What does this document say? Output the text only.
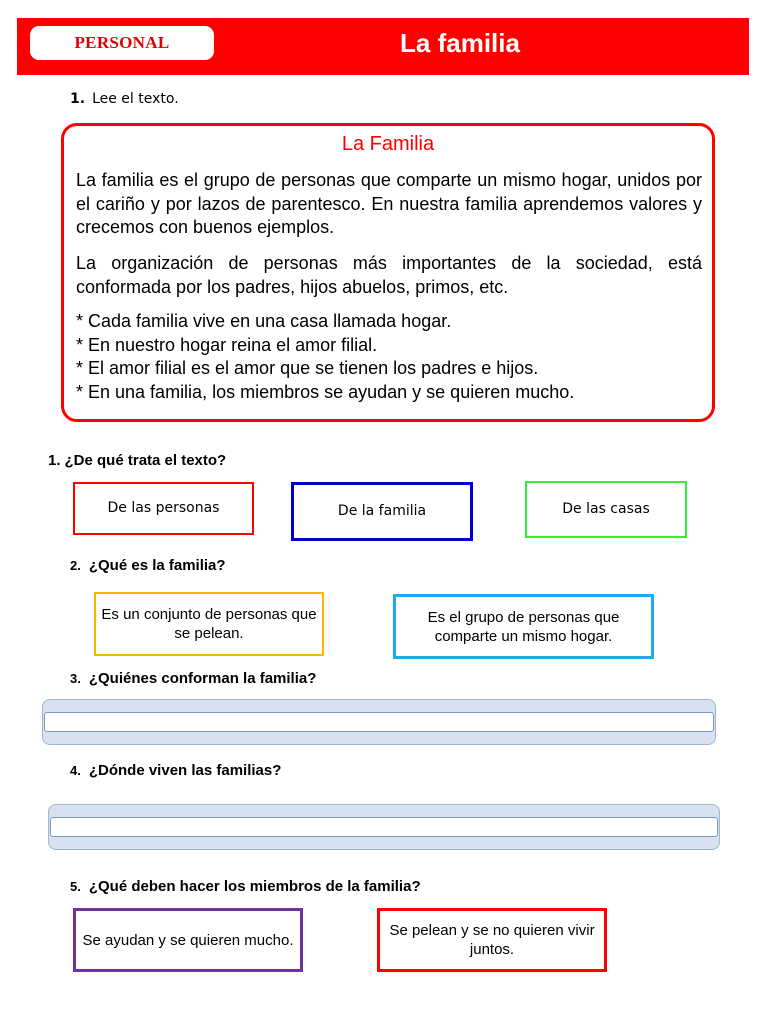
PERSONAL	La familia
1. Lee el texto.
La Familia
La familia es el grupo de personas que comparte un mismo hogar, unidos por el cariño y por lazos de parentesco. En nuestra familia aprendemos valores y crecemos con buenos ejemplos.
La organización de personas más importantes de la sociedad, está conformada por los padres, hijos abuelos, primos, etc.
* Cada familia vive en una casa llamada hogar.
* En nuestro hogar reina el amor filial.
* El amor filial es el amor que se tienen los padres e hijos.
* En una familia, los miembros se ayudan y se quieren mucho.
1. ¿De qué trata el texto?
De las personas	De la familia	De las casas
2. ¿Qué es la familia?
Es un conjunto de personas que se pelean.
Es el grupo de personas que comparte un mismo hogar.
3. ¿Quiénes conforman la familia?
4. ¿Dónde viven las familias?
5. ¿Qué deben hacer los miembros de la familia?
Se ayudan y se quieren mucho.
Se pelean y se no quieren vivir juntos.
